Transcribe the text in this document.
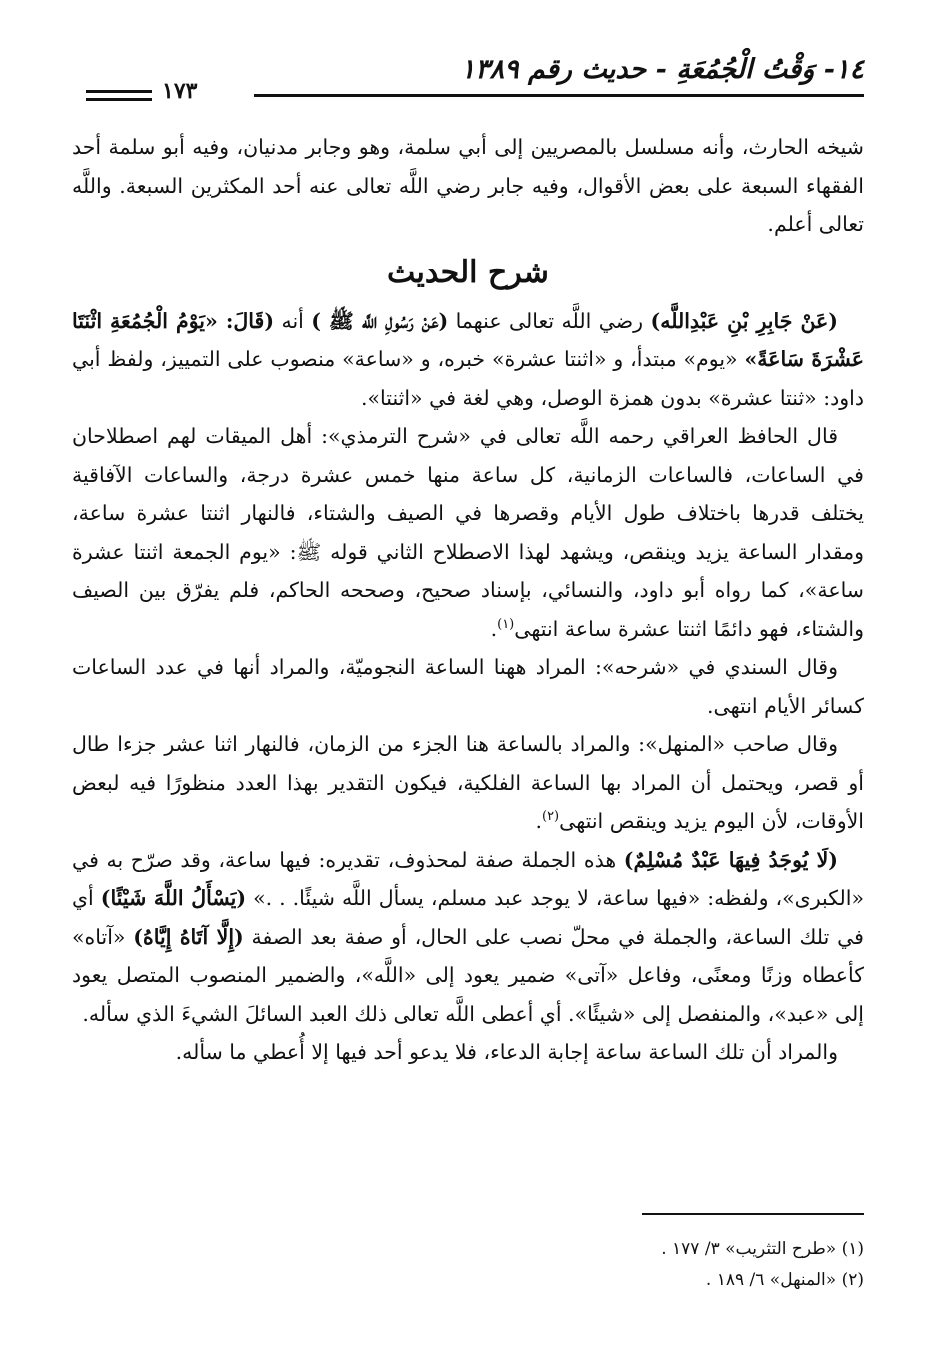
١٤- وَقْتُ الْجُمُعَةِ - حديث رقم ١٣٨٩
١٧٣

شيخه الحارث، وأنه مسلسل بالمصريين إلى أبي سلمة، وهو وجابر مدنيان، وفيه أبو سلمة أحد الفقهاء السبعة على بعض الأقوال، وفيه جابر رضي اللَّه تعالى عنه أحد المكثرين السبعة. واللَّه تعالى أعلم.

شرح الحديث

(عَنْ جَابِرِ بْنِ عَبْدِاللَّه) رضي اللَّه تعالى عنهما (عَنْ رَسُولِ اللَّه ﷺ ) أنه (قَالَ: «يَوْمُ الْجُمُعَةِ اثْنَتَا عَشْرَةَ سَاعَةً» «يوم» مبتدأ، و «اثنتا عشرة» خبره، و «ساعة» منصوب على التمييز، ولفظ أبي داود: «ثنتا عشرة» بدون همزة الوصل، وهي لغة في «اثنتا».

قال الحافظ العراقي رحمه اللَّه تعالى في «شرح الترمذي»: أهل الميقات لهم اصطلاحان في الساعات، فالساعات الزمانية، كل ساعة منها خمس عشرة درجة، والساعات الآفاقية يختلف قدرها باختلاف طول الأيام وقصرها في الصيف والشتاء، فالنهار اثنتا عشرة ساعة، ومقدار الساعة يزيد وينقص، ويشهد لهذا الاصطلاح الثاني قوله ﷺ: «يوم الجمعة اثنتا عشرة ساعة»، كما رواه أبو داود، والنسائي، بإسناد صحيح، وصححه الحاكم، فلم يفرّق بين الصيف والشتاء، فهو دائمًا اثنتا عشرة ساعة انتهى$^{(١)}$.

وقال السندي في «شرحه»: المراد ههنا الساعة النجوميّة، والمراد أنها في عدد الساعات كسائر الأيام انتهى.

وقال صاحب «المنهل»: والمراد بالساعة هنا الجزء من الزمان، فالنهار اثنا عشر جزءا طال أو قصر، ويحتمل أن المراد بها الساعة الفلكية، فيكون التقدير بهذا العدد منظورًا فيه لبعض الأوقات، لأن اليوم يزيد وينقص انتهى$^{(٢)}$.

(لَا يُوجَدُ فِيهَا عَبْدٌ مُسْلِمٌ) هذه الجملة صفة لمحذوف، تقديره: فيها ساعة، وقد صرّح به في «الكبرى»، ولفظه: «فيها ساعة، لا يوجد عبد مسلم، يسأل اللَّه شيئًا. . .» (يَسْأَلُ اللَّهَ شَيْئًا) أي في تلك الساعة، والجملة في محلّ نصب على الحال، أو صفة بعد الصفة (إِلَّا آتَاهُ إِيَّاهُ) «آتاه» كأعطاه وزنًا ومعنًى، وفاعل «آتى» ضمير يعود إلى «اللَّه»، والضمير المنصوب المتصل يعود إلى «عبد»، والمنفصل إلى «شيئًا». أي أعطى اللَّه تعالى ذلك العبد السائلَ الشيءَ الذي سأله.

والمراد أن تلك الساعة ساعة إجابة الدعاء، فلا يدعو أحد فيها إلا أُعطي ما سأله.

(١) «طرح التثريب» ٣/ ١٧٧ .
(٢) «المنهل» ٦/ ١٨٩ .
